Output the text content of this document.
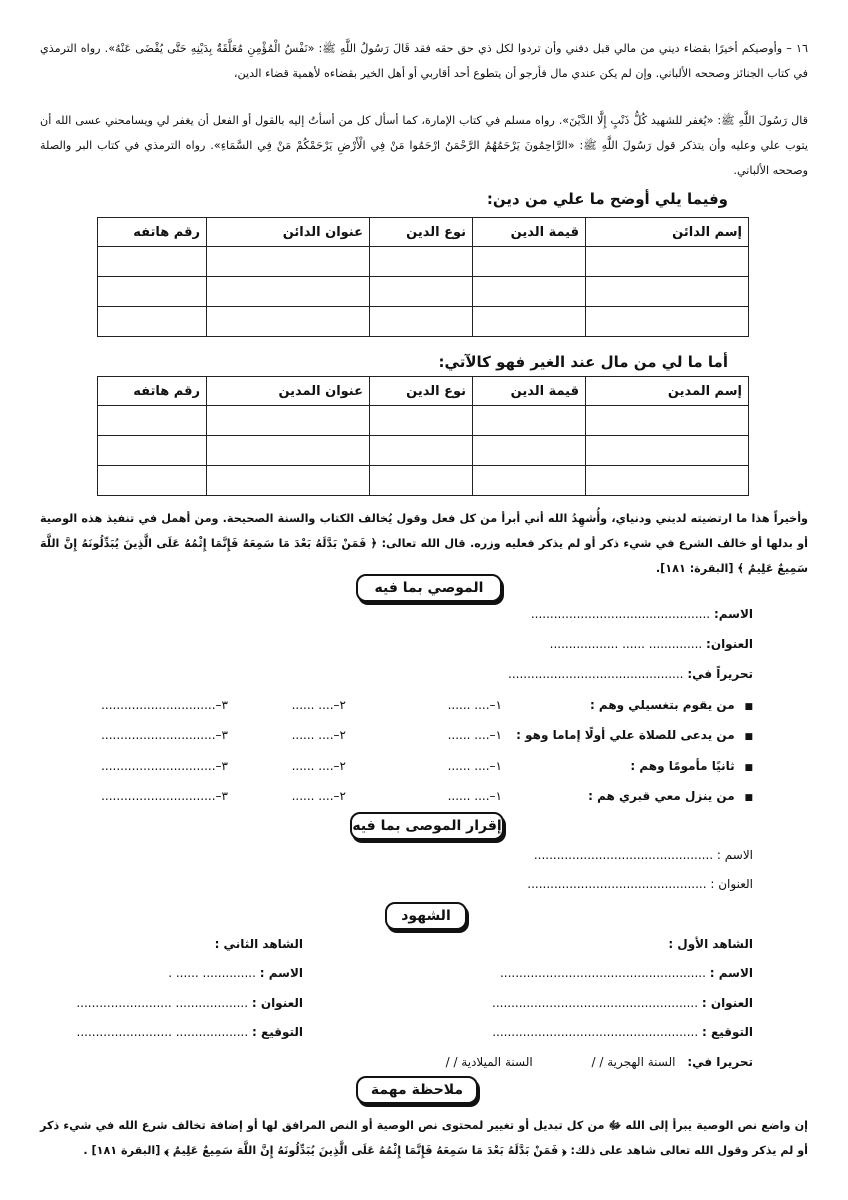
١٦ – وأوصيكم أخيرًا بقضاء ديني من مالي قبل دفني وأن تردوا لكل ذي حق حقه فقد قَالَ رَسُولُ اللَّهِ ﷺ: «نَفْسُ الْمُؤْمِنِ مُعَلَّقَةٌ بِدَيْنِهِ حَتَّى يُقْضَى عَنْهُ». رواه الترمذي في كتاب الجنائز وصححه الألباني. وإن لم يكن عندي مال فأرجو أن يتطوع أحد أقاربي أو أهل الخير بقضاءه لأهمية قضاء الدين،
قال رَسُولَ اللَّهِ ﷺ: «يُغفر للشهيد كُلُّ ذَنْبٍ إِلَّا الدَّيْنَ». رواه مسلم في كتاب الإمارة، كما أسأل كل من أسأتُ إليه بالقول أو الفعل أن يغفر لي ويسامحني عسى الله أن يتوب علي وعليه وأن يتذكر قول رَسُولَ اللَّهِ ﷺ: «الرَّاحِمُونَ يَرْحَمُهُمُ الرَّحْمَنُ ارْحَمُوا مَنْ فِي الْأَرْضِ يَرْحَمْكُمْ مَنْ فِي السَّمَاءِ». رواه الترمذي في كتاب البر والصلة وصححه الألباني.
وفيما يلي أوضح ما علي من دين:
إسم الدائن	قيمة الدين	نوع الدين	عنوان الدائن	رقم هاتفه

أما ما لي من مال عند الغير فهو كالآتي:
إسم المدين	قيمة الدين	نوع الدين	عنوان المدين	رقم هاتفه

وأخيراً هذا ما ارتضيته لديني ودنياي، وأُشهِدُ الله أني أبرأ من كل فعل وقول يُخالف الكتاب والسنة الصحيحة. ومن أهمل في تنفيذ هذه الوصية أو بدلها أو خالف الشرع في شيء ذكر أو لم يذكر فعليه وزره. قال الله تعالى: ﴿ فَمَنْ بَدَّلَهُ بَعْدَ مَا سَمِعَهُ فَإِنَّمَا إِثْمُهُ عَلَى الَّذِينَ يُبَدِّلُونَهُ إِنَّ اللَّهَ سَمِيعٌ عَلِيمٌ ﴾ [البقرة: ١٨١].
الموصي بما فيه
الاسم: ...............................................
العنوان: .............. ...... ..................
تحريراً في: ..............................................
■ من يقوم بتغسيلي وهم :
١–.... ......
٢–.... ......
٣–..............................
■ من يدعى للصلاة علي أولًا إماما وهو :
١–.... ......
٢–.... ......
٣–..............................
■ ثانيًا مأمومًا وهم :
١–.... ......
٢–.... ......
٣–..............................
■ من ينزل معي قبري هم :
١–.... ......
٢–.... ......
٣–..............................
إقرار الموصى بما فيه
الاسم : ...............................................
العنوان : ...............................................
الشهود
الشاهد الأول :
الشاهد الثاني :
الاسم : ......................................................
الاسم : .............. ...... .
العنوان : ......................................................
العنوان : ................... .........................
التوقيع : ......................................................
التوقيع : ................... .........................
تحريرا في: السنة الهجرية / / السنة الميلادية / /
ملاحظة مهمة
إن واضع نص الوصية يبرأ إلى الله ﷻ من كل تبديل أو تغيير لمحتوى نص الوصية أو النص المرافق لها أو إضافة تخالف شرع الله في شيء ذكر أو لم يذكر وقول الله تعالى شاهد على ذلك: ﴿ فَمَنْ بَدَّلَهُ بَعْدَ مَا سَمِعَهُ فَإِنَّمَا إِثْمُهُ عَلَى الَّذِينَ يُبَدِّلُونَهُ إِنَّ اللَّهَ سَمِيعٌ عَلِيمٌ ﴾ [البقرة ١٨١] .
